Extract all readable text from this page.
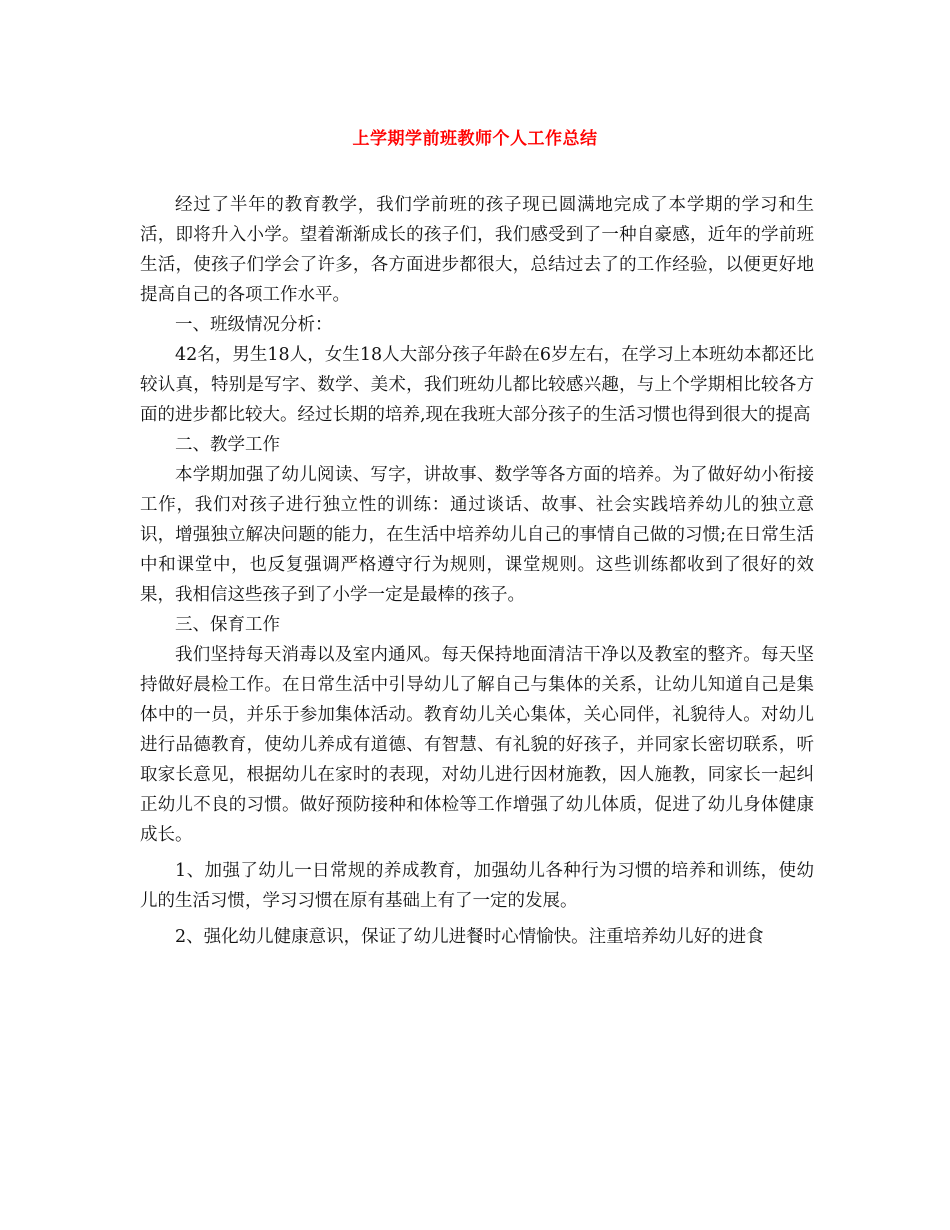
上学期学前班教师个人工作总结

经过了半年的教育教学，我们学前班的孩子现已圆满地完成了本学期的学习和生活，即将升入小学。望着渐渐成长的孩子们，我们感受到了一种自豪感，近年的学前班生活，使孩子们学会了许多，各方面进步都很大，总结过去了的工作经验，以便更好地提高自己的各项工作水平。

一、班级情况分析：

42名，男生18人，女生18人大部分孩子年龄在6岁左右，在学习上本班幼本都还比较认真，特别是写字、数学、美术，我们班幼儿都比较感兴趣，与上个学期相比较各方面的进步都比较大。经过长期的培养,现在我班大部分孩子的生活习惯也得到很大的提高

二、教学工作

本学期加强了幼儿阅读、写字，讲故事、数学等各方面的培养。为了做好幼小衔接工作，我们对孩子进行独立性的训练：通过谈话、故事、社会实践培养幼儿的独立意识，增强独立解决问题的能力，在生活中培养幼儿自己的事情自己做的习惯;在日常生活中和课堂中，也反复强调严格遵守行为规则，课堂规则。这些训练都收到了很好的效果，我相信这些孩子到了小学一定是最棒的孩子。

三、保育工作

我们坚持每天消毒以及室内通风。每天保持地面清洁干净以及教室的整齐。每天坚持做好晨检工作。在日常生活中引导幼儿了解自己与集体的关系，让幼儿知道自己是集体中的一员，并乐于参加集体活动。教育幼儿关心集体，关心同伴，礼貌待人。对幼儿进行品德教育，使幼儿养成有道德、有智慧、有礼貌的好孩子，并同家长密切联系，听取家长意见，根据幼儿在家时的表现，对幼儿进行因材施教，因人施教，同家长一起纠正幼儿不良的习惯。做好预防接种和体检等工作增强了幼儿体质，促进了幼儿身体健康成长。

1、加强了幼儿一日常规的养成教育，加强幼儿各种行为习惯的培养和训练，使幼儿的生活习惯，学习习惯在原有基础上有了一定的发展。

2、强化幼儿健康意识，保证了幼儿进餐时心情愉快。注重培养幼儿好的进食
